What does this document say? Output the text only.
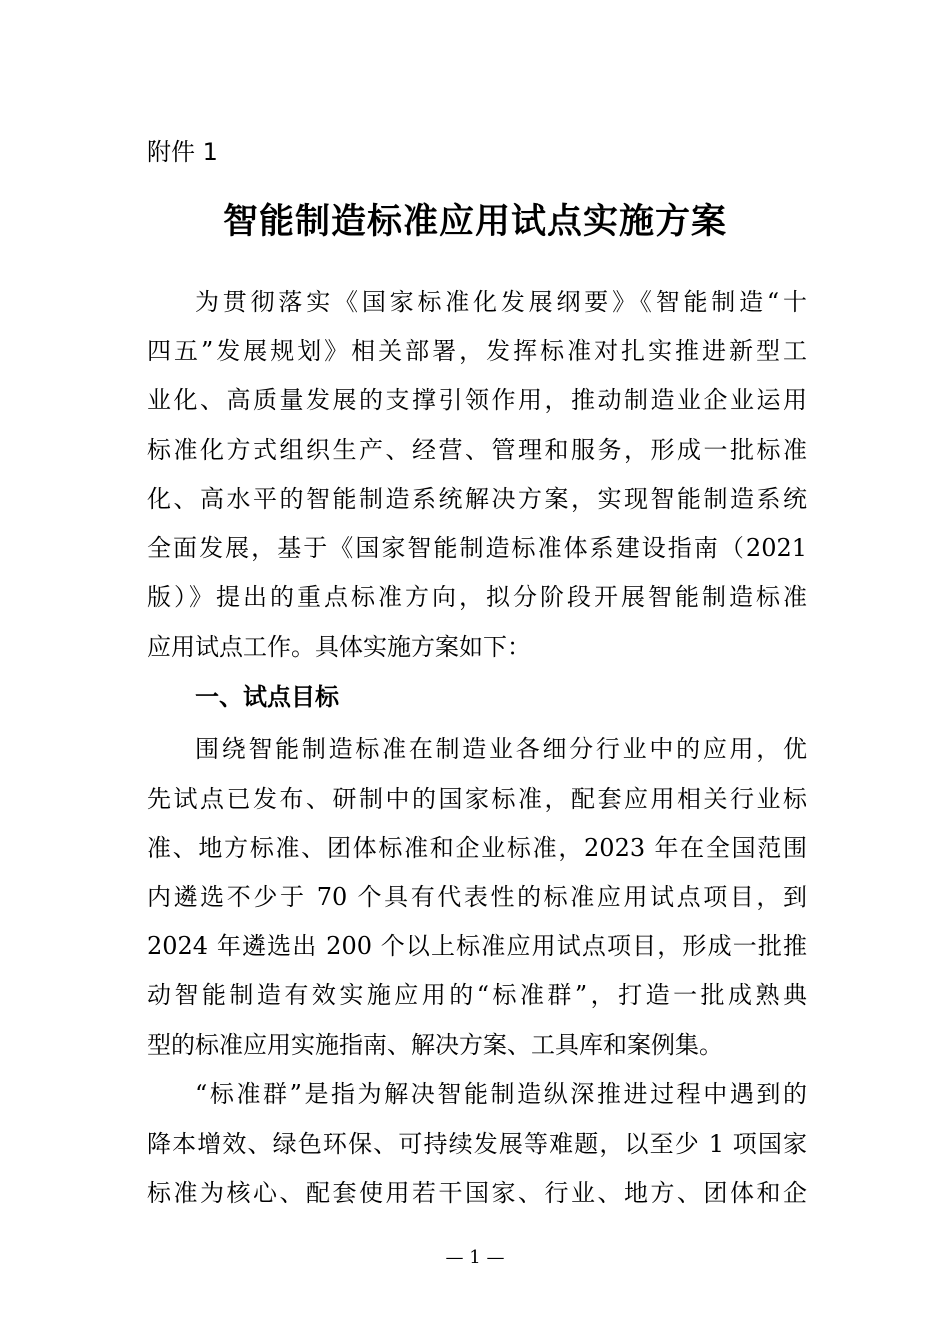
附件 1
智能制造标准应用试点实施方案
为贯彻落实《国家标准化发展纲要》《智能制造“十
四五”发展规划》相关部署，发挥标准对扎实推进新型工
业化、高质量发展的支撑引领作用，推动制造业企业运用
标准化方式组织生产、经营、管理和服务，形成一批标准
化、高水平的智能制造系统解决方案，实现智能制造系统
全面发展，基于《国家智能制造标准体系建设指南（2021
版）》提出的重点标准方向，拟分阶段开展智能制造标准
应用试点工作。具体实施方案如下：
一、试点目标
围绕智能制造标准在制造业各细分行业中的应用，优
先试点已发布、研制中的国家标准，配套应用相关行业标
准、地方标准、团体标准和企业标准，2023 年在全国范围
内遴选不少于 70 个具有代表性的标准应用试点项目，到
2024 年遴选出 200 个以上标准应用试点项目，形成一批推
动智能制造有效实施应用的“标准群”，打造一批成熟典
型的标准应用实施指南、解决方案、工具库和案例集。
“标准群”是指为解决智能制造纵深推进过程中遇到的
降本增效、绿色环保、可持续发展等难题，以至少 1 项国家
标准为核心、配套使用若干国家、行业、地方、团体和企
— 1 —
